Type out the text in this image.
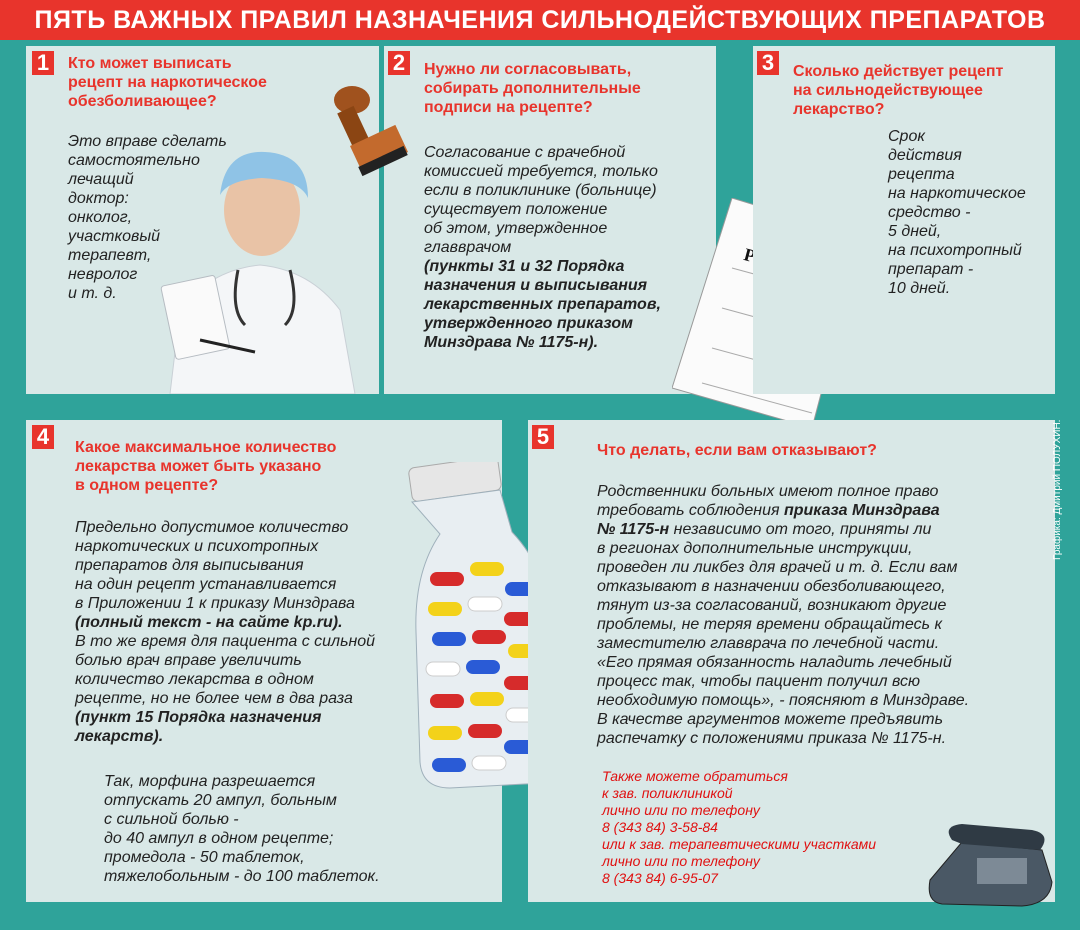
ПЯТЬ ВАЖНЫХ ПРАВИЛ НАЗНАЧЕНИЯ СИЛЬНОДЕЙСТВУЮЩИХ ПРЕПАРАТОВ
1	Кто может выписать
рецепт на наркотическое
обезболивающее?
Это вправе сделать
самостоятельно
лечащий
доктор:
онколог,
участковый
терапевт,
невролог
и т. д.
2	Нужно ли согласовывать,
собирать дополнительные
подписи на рецепте?
Согласование с врачебной
комиссией требуется, только
если в поликлинике (больнице)
существует положение
об этом, утвержденное
главврачом
(пункты 31 и 32 Порядка
назначения и выписывания
лекарственных препаратов,
утвержденного приказом
Минздрава № 1175-н).
3	Сколько действует рецепт
на сильнодействующее
лекарство?
Срок
действия
рецепта
на наркотическое
средство -
5 дней,
на психотропный
препарат -
10 дней.
4	Какое максимальное количество
лекарства может быть указано
в одном рецепте?
Предельно допустимое количество
наркотических и психотропных
препаратов для выписывания
на один рецепт устанавливается
в Приложении 1 к приказу Минздрава
(полный текст - на сайте kp.ru).
В то же время для пациента с сильной
болью врач вправе увеличить
количество лекарства в одном
рецепте, но не более чем в два раза
(пункт 15 Порядка назначения
лекарств).
Так, морфина разрешается
отпускать 20 ампул, больным
с сильной болью -
до 40 ампул в одном рецепте;
промедола - 50 таблеток,
тяжелобольным - до 100 таблеток.
5
Что делать, если вам отказывают?
Родственники больных имеют полное право
требовать соблюдения приказа Минздрава
№ 1175-н независимо от того, приняты ли
в регионах дополнительные инструкции,
проведен ли ликбез для врачей и т. д. Если вам
отказывают в назначении обезболивающего,
тянут из-за согласований, возникают другие
проблемы, не теряя времени обращайтесь к
заместителю главврача по лечебной части.
«Его прямая обязанность наладить лечебный
процесс так, чтобы пациент получил всю
необходимую помощь», - поясняют в Минздраве.
В качестве аргументов можете предъявить
распечатку с положениями приказа № 1175-н.
Также можете обратиться
к зав. поликлиникой
лично или по телефону
8 (343 84) 3-58-84
или к зав. терапевтическими участками
лично или по телефону
8 (343 84) 6-95-07
Графика: Дмитрий ПОЛУХИН.
